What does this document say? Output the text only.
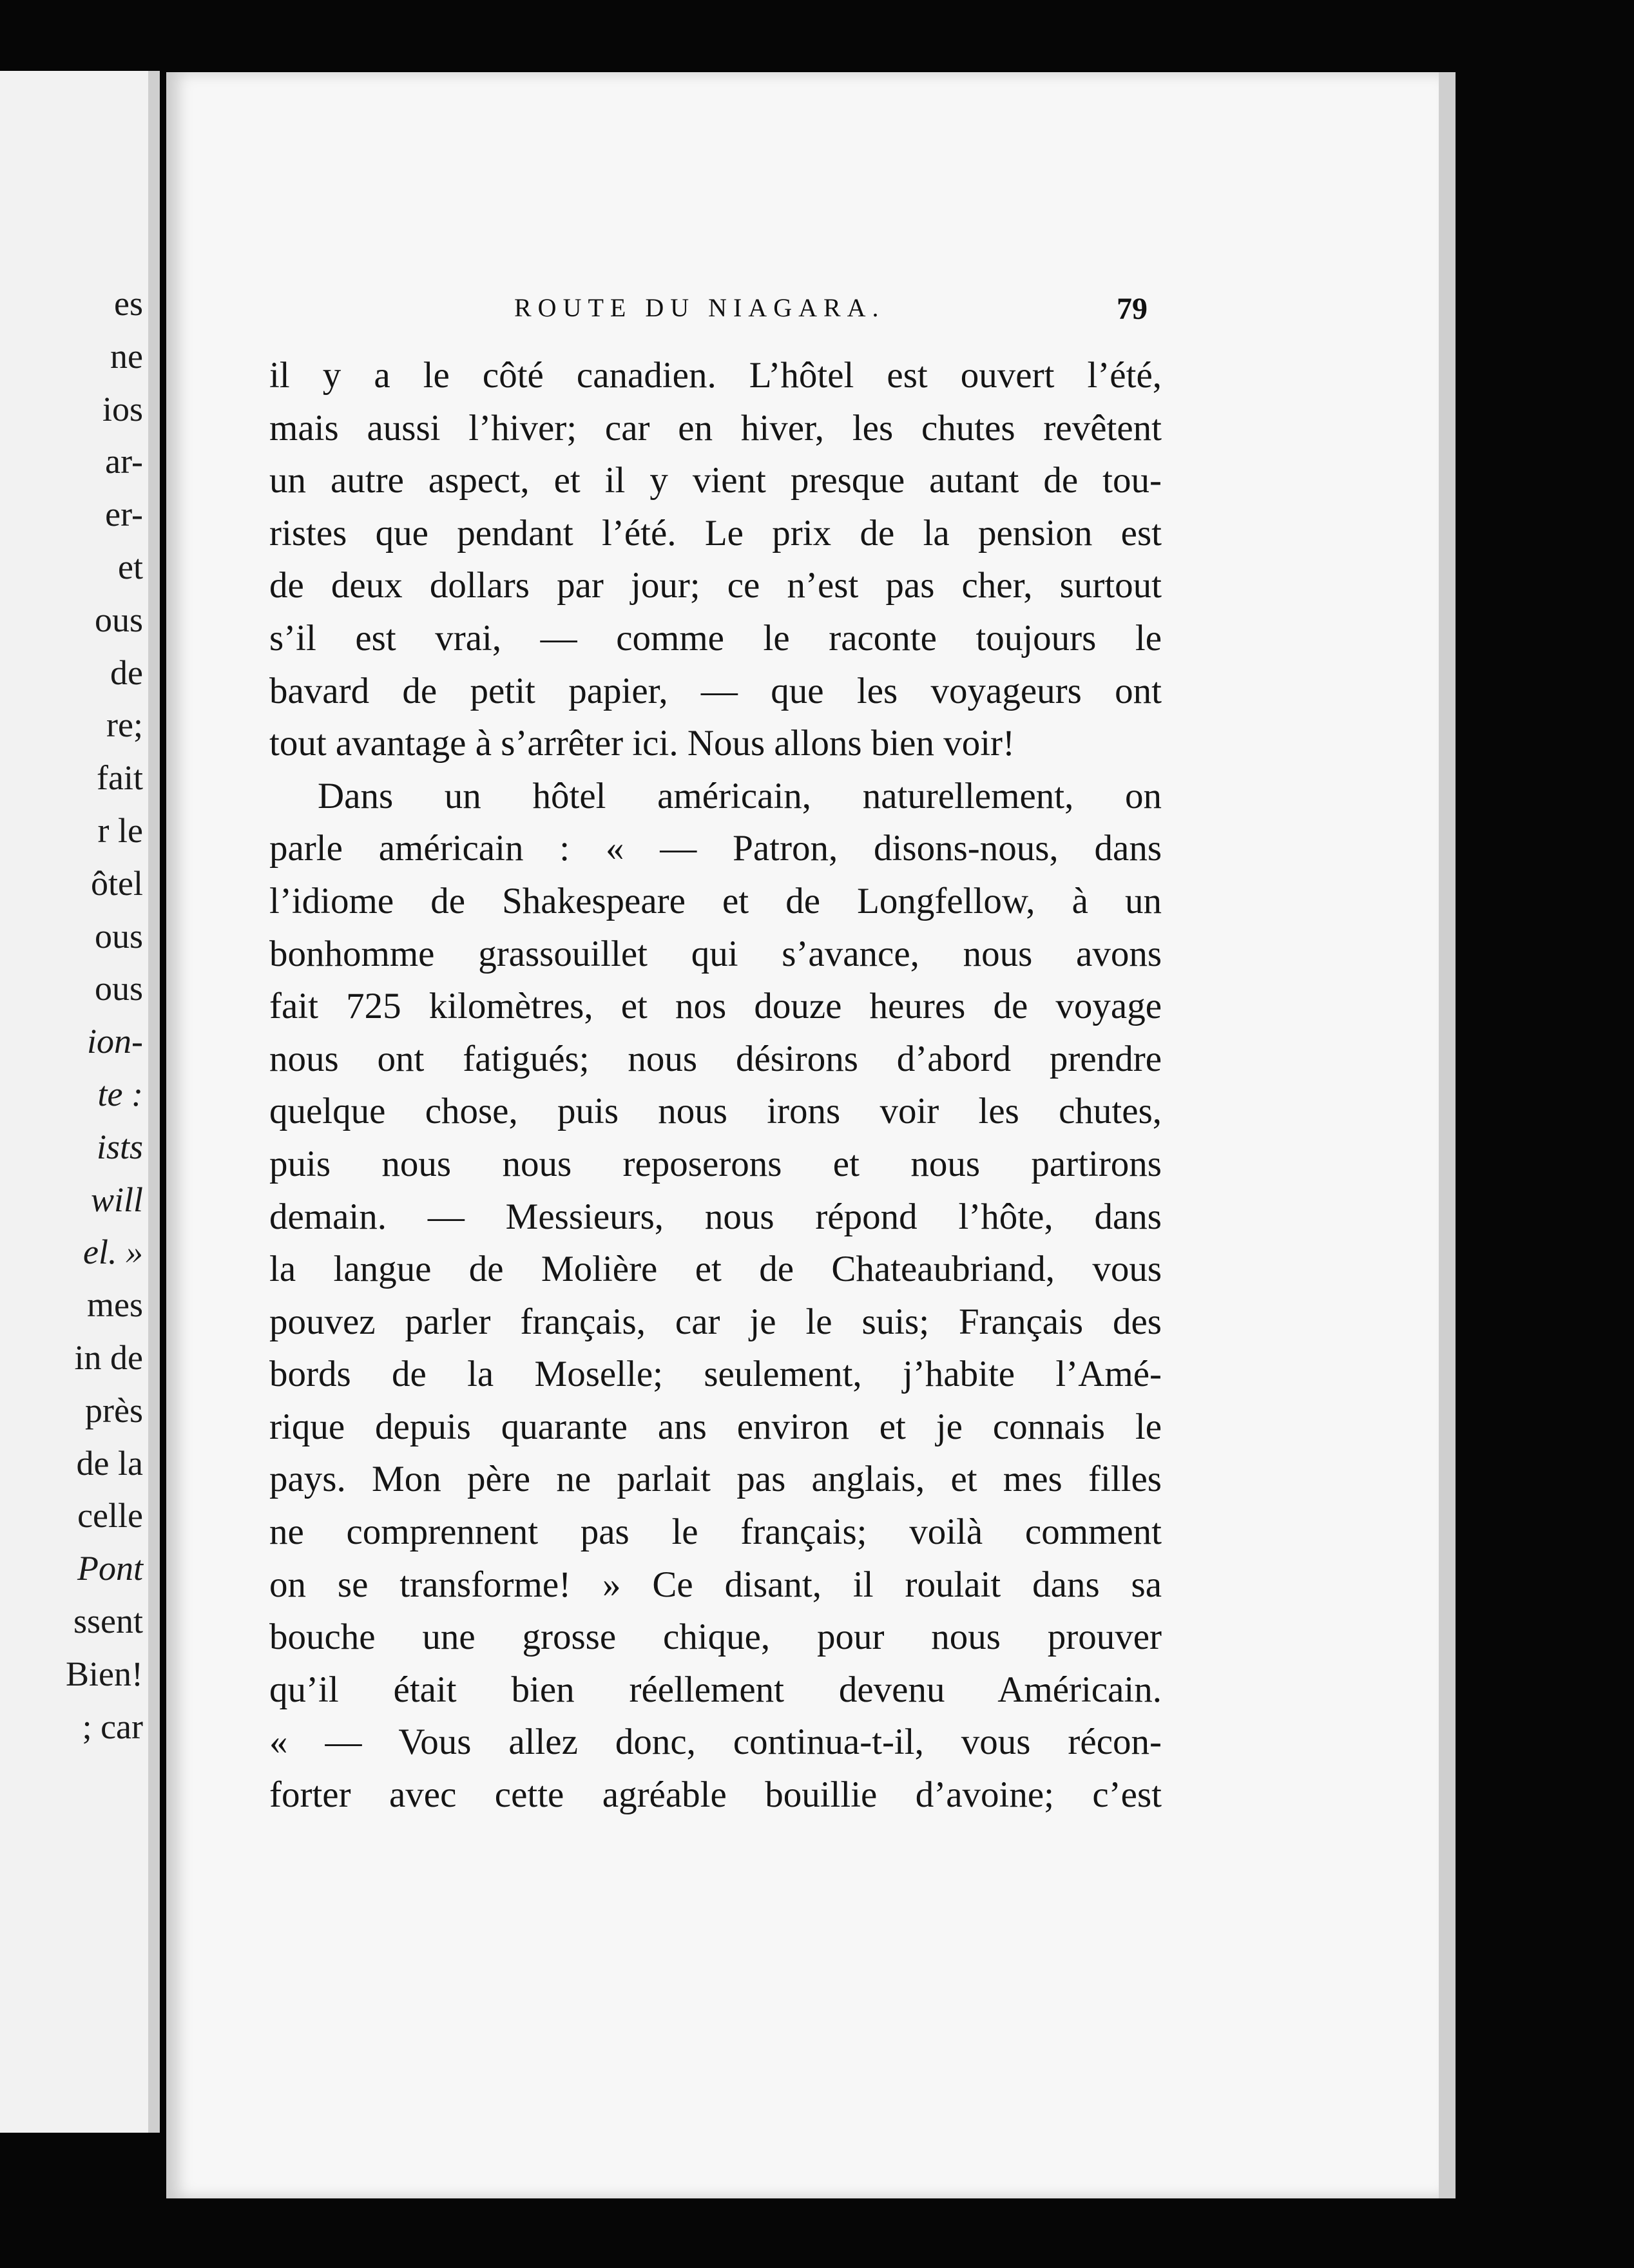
es
ne
ios
ar-
er-
et
ous
de
re;
fait
r le
ôtel
ous
ous
ion-
te :
ists
will
el. »
mes
in de
près
de la
celle
Pont
ssent
Bien!
; car
ROUTE DU NIAGARA.	79
il y a le côté canadien. L’hôtel est ouvert l’été,
mais aussi l’hiver; car en hiver, les chutes revêtent
un autre aspect, et il y vient presque autant de tou-
ristes que pendant l’été. Le prix de la pension est
de deux dollars par jour; ce n’est pas cher, surtout
s’il est vrai, — comme le raconte toujours le
bavard de petit papier, — que les voyageurs ont
tout avantage à s’arrêter ici. Nous allons bien voir!
Dans un hôtel américain, naturellement, on
parle américain : « — Patron, disons-nous, dans
l’idiome de Shakespeare et de Longfellow, à un
bonhomme grassouillet qui s’avance, nous avons
fait 725 kilomètres, et nos douze heures de voyage
nous ont fatigués; nous désirons d’abord prendre
quelque chose, puis nous irons voir les chutes,
puis nous nous reposerons et nous partirons
demain. — Messieurs, nous répond l’hôte, dans
la langue de Molière et de Chateaubriand, vous
pouvez parler français, car je le suis; Français des
bords de la Moselle; seulement, j’habite l’Amé-
rique depuis quarante ans environ et je connais le
pays. Mon père ne parlait pas anglais, et mes filles
ne comprennent pas le français; voilà comment
on se transforme! » Ce disant, il roulait dans sa
bouche une grosse chique, pour nous prouver
qu’il était bien réellement devenu Américain.
« — Vous allez donc, continua-t-il, vous récon-
forter avec cette agréable bouillie d’avoine; c’est
